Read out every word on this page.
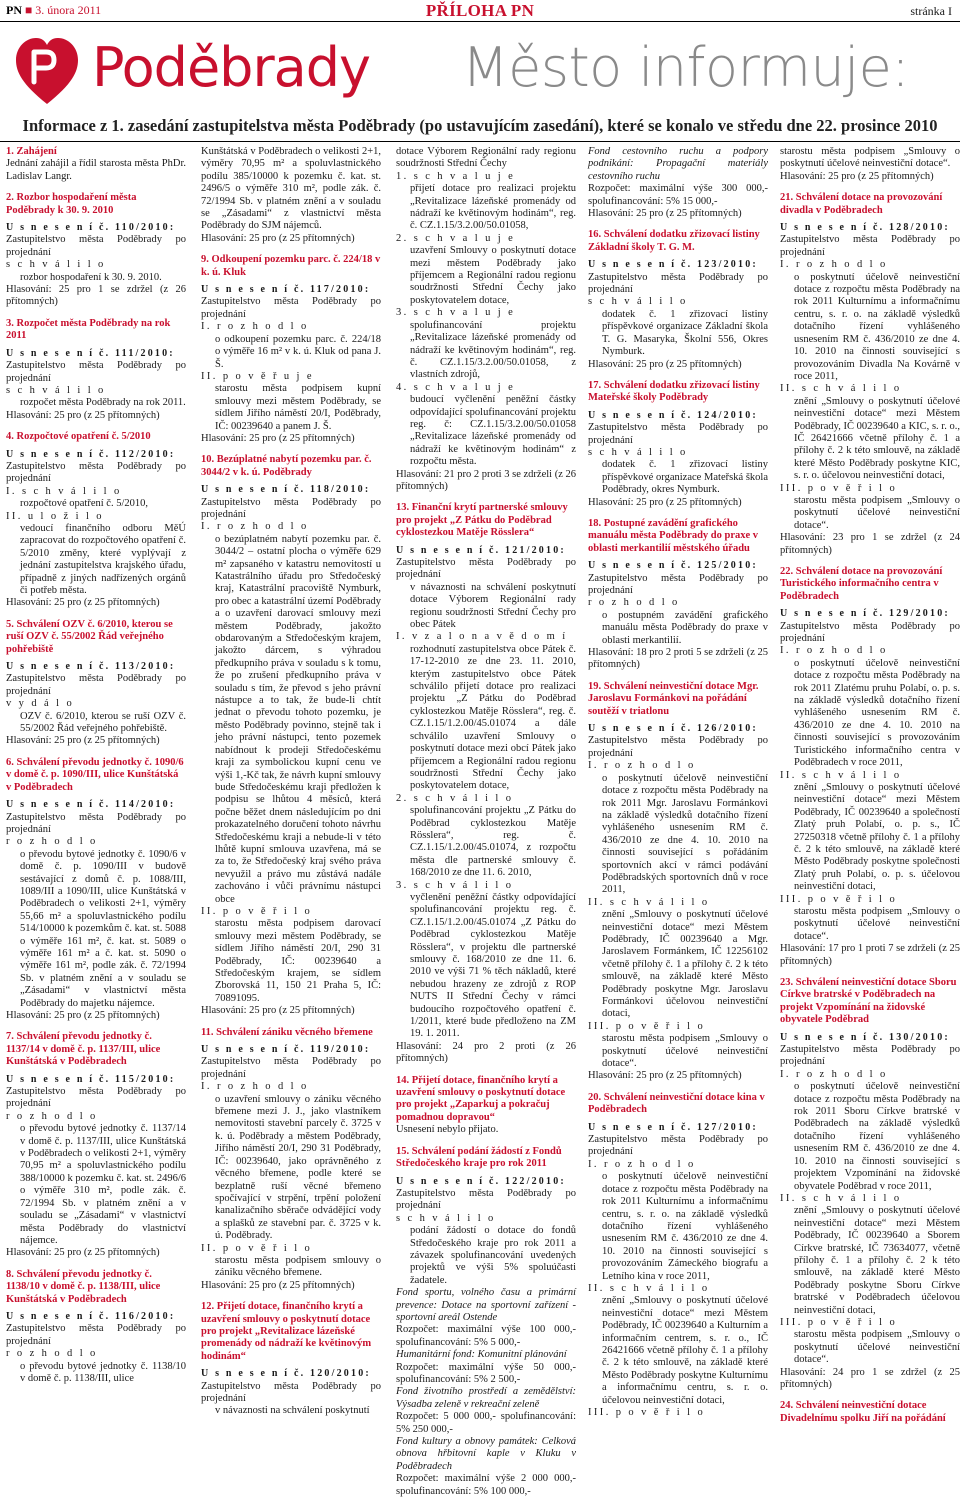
PN ■ 3. února 2011	PŘÍLOHA PN	stránka I
Poděbrady Město informuje:
Informace z 1. zasedání zastupitelstva města Poděbrady (po ustavujícím zasedání), které se konalo ve středu dne 22. prosince 2010
1. Zahájení
Jednání zahájil a řídil starosta města PhDr. Ladislav Langr.
2. Rozbor hospodaření města Poděbrady k 30. 9. 2010
U s n e s e n í č. 110/2010:
Zastupitelstvo města Poděbrady po projednání
s c h v á l i l o
rozbor hospodaření k 30. 9. 2010.
Hlasování: 25 pro 1 se zdržel (z 26 přítomných)
3. Rozpočet města Poděbrady na rok 2011
U s n e s e n í č. 111/2010:
Zastupitelstvo města Poděbrady po projednání
s c h v á l i l o
rozpočet města Poděbrady na rok 2011.
Hlasování: 25 pro (z 25 přítomných)
4. Rozpočtové opatření č. 5/2010
U s n e s e n í č. 112/2010:
Zastupitelstvo města Poděbrady po projednání
I. s c h v á l i l o
rozpočtové opatření č. 5/2010,
II. u l o ž i l o
vedoucí finančního odboru MěÚ zapracovat do rozpočtového opatření č. 5/2010 změny, které vyplývají z jednání zastupitelstva krajského úřadu, případně z jiných nadřízených orgánů či potřeb města.
Hlasování: 25 pro (z 25 přítomných)
5. Schválení OZV č. 6/2010, kterou se ruší OZV č. 55/2002 Řád veřejného pohřebiště
U s n e s e n í č. 113/2010:
Zastupitelstvo města Poděbrady po projednání
v y d á l o
OZV č. 6/2010, kterou se ruší OZV č. 55/2002 Řád veřejného pohřebiště.
Hlasování: 25 pro (z 25 přítomných)
6. Schválení převodu jednotky č. 1090/6 v domě č. p. 1090/III, ulice Kunštátská v Poděbradech
U s n e s e n í č. 114/2010:
Zastupitelstvo města Poděbrady po projednání
r o z h o d l o
o převodu bytové jednotky č. 1090/6 v domě č. p. 1090/III v budově sestávající z domů č. p. 1088/III, 1089/III a 1090/III, ulice Kunštátská v Poděbradech o velikosti 2+1, výměry 55,66 m² a spoluvlastnického podílu 514/10000 k pozemkům č. kat. st. 5088 o výměře 161 m², č. kat. st. 5089 o výměře 161 m² a č. kat. st. 5090 o výměře 161 m², podle zák. č. 72/1994 Sb. v platném znění a v souladu se „Zásadami“ v vlastnictví města Poděbrady do majetku nájemce.
Hlasování: 25 pro (z 25 přítomných)
7. Schválení převodu jednotky č. 1137/14 v domě č. p. 1137/III, ulice Kunštátská v Poděbradech
U s n e s e n í č. 115/2010:
Zastupitelstvo města Poděbrady po projednání
r o z h o d l o
o převodu bytové jednotky č. 1137/14 v domě č. p. 1137/III, ulice Kunštátská v Poděbradech o velikosti 2+1, výměry 70,95 m² a spoluvlastnického podílu 388/10000 k pozemku č. kat. st. 2496/6 o výměře 310 m², podle zák. č. 72/1994 Sb. v platném znění a v souladu se „Zásadami“ v vlastnictví města Poděbrady do vlastnictví nájemce.
Hlasování: 25 pro (z 25 přítomných)
8. Schválení převodu jednotky č. 1138/10 v domě č. p. 1138/III, ulice Kunštátská v Poděbradech
U s n e s e n í č. 116/2010:
Zastupitelstvo města Poděbrady po projednání
r o z h o d l o
o převodu bytové jednotky č. 1138/10 v domě č. p. 1138/III, ulice
Kunštátská v Poděbradech o velikosti 2+1, výměry 70,95 m² a spoluvlastnického podílu 385/10000 k pozemku č. kat. st. 2496/5 o výměře 310 m², podle zák. č. 72/1994 Sb. v platném znění a v souladu se „Zásadami“ z vlastnictví města Poděbrady do SJM nájemců.
Hlasování: 25 pro (z 25 přítomných)
9. Odkoupení pozemku parc. č. 224/18 v k. ú. Kluk
U s n e s e n í č. 117/2010:
Zastupitelstvo města Poděbrady po projednání
I. r o z h o d l o
o odkoupení pozemku parc. č. 224/18 o výměře 16 m² v k. ú. Kluk od pana J. Š.
II. p o v ě ř u j e
starostu města podpisem kupní smlouvy mezi městem Poděbrady, se sídlem Jiřího náměstí 20/I, Poděbrady, IČ: 00239640 a panem J. Š.
Hlasování: 25 pro (z 25 přítomných)
10. Bezúplatné nabytí pozemku par. č. 3044/2 v k. ú. Poděbrady
U s n e s e n í č. 118/2010:
Zastupitelstvo města Poděbrady po projednání
I. r o z h o d l o
o bezúplatném nabytí pozemku par. č. 3044/2 – ostatní plocha o výměře 629 m² zapsaného v katastru nemovitostí u Katastrálního úřadu pro Středočeský kraj, Katastrální pracoviště Nymburk, pro obec a katastrální území Poděbrady a o uzavření darovací smlouvy mezi městem Poděbrady, jakožto obdarovaným a Středočeským krajem, jakožto dárcem, s výhradou předkupního práva v souladu s k tomu, že po zrušení předkupního práva v souladu s tím, že převod s jeho právní nástupce a to tak, že bude-li chtít jednat o převodu tohoto pozemku, je město Poděbrady povinno, stejně tak i jeho právní nástupci, tento pozemek nabídnout k prodeji Středočeskému kraji za symbolickou kupní cenu ve výši 1,-Kč tak, že návrh kupní smlouvy bude Středočeskému kraji předložen k podpisu se lhůtou 4 měsíců, která počne běžet dnem následujícím po dni prokazatelného doručení tohoto návrhu Středočeskému kraji a nebude-li v této lhůtě kupní smlouva uzavřena, má se za to, že Středočeský kraj svého práva nevyužil a právo mu zůstává nadále zachováno i vůči právnímu nástupci obce
II. p o v ě ř i l o
starostu města podpisem darovací smlouvy mezi městem Poděbrady, se sídlem Jiřího náměstí 20/I, 290 31 Poděbrady, IČ: 00239640 a Středočeským krajem, se sídlem Zborovská 11, 150 21 Praha 5, IČ: 70891095.
Hlasování: 25 pro (z 25 přítomných)
11. Schválení zániku věcného břemene
U s n e s e n í č. 119/2010:
Zastupitelstvo města Poděbrady po projednání
I. r o z h o d l o
o uzavření smlouvy o zániku věcného břemene mezi J. J., jako vlastníkem nemovitosti stavební parcely č. 3725 v k. ú. Poděbrady a městem Poděbrady, Jiřího náměstí 20/I, 290 31 Poděbrady, IČ: 00239640, jako oprávněného z věcného břemene, podle které se bezplatně ruší věcné břemeno spočívající v strpění, trpění položení kanalizačního sběrače odvádějící vody a splašků ze stavební par. č. 3725 v k. ú. Poděbrady.
II. p o v ě ř i l o
starostu města podpisem smlouvy o zániku věcného břemene.
Hlasování: 25 pro (z 25 přítomných)
12. Přijetí dotace, finančního krytí a uzavření smlouvy o poskytnutí dotace pro projekt „Revitalizace lázeňské promenády od nádraží ke květinovým hodinám“
U s n e s e n í č. 120/2010:
Zastupitelstvo města Poděbrady po projednání
v návaznosti na schválení poskytnutí
dotace Výborem Regionální rady regionu soudržnosti Střední Čechy
1. s c h v a l u j e
přijetí dotace pro realizaci projektu „Revitalizace lázeňské promenády od nádraží ke květinovým hodinám“, reg. č. CZ.1.15/3.2.00/50.01058,
2. s c h v a l u j e
uzavření Smlouvy o poskytnutí dotace mezi městem Poděbrady jako příjemcem a Regionální radou regionu soudržnosti Střední Čechy jako poskytovatelem dotace,
3. s c h v a l u j e
spolufinancování projektu „Revitalizace lázeňské promenády od nádraží ke květinovým hodinám“, reg. č. CZ.1.15/3.2.00/50.01058, z vlastních zdrojů,
4. s c h v a l u j e
budoucí vyčlenění peněžní částky odpovídající spolufinancování projektu reg. č: CZ.1.15/3.2.00/50.01058 „Revitalizace lázeňské promenády od nádraží ke květinovým hodinám“ z rozpočtu města.
Hlasování: 21 pro 2 proti 3 se zdrželi (z 26 přítomných)
13. Finanční krytí partnerské smlouvy pro projekt „Z Pátku do Poděbrad cyklostezkou Matěje Rösslera“
U s n e s e n í č. 121/2010:
Zastupitelstvo města Poděbrady po projednání
v návaznosti na schválení poskytnutí dotace Výborem Regionální rady regionu soudržnosti Střední Čechy pro obec Pátek
I. v z a l o n a v ě d o m í
rozhodnutí zastupitelstva obce Pátek č. 17-12-2010 ze dne 23. 11. 2010, kterým zastupitelstvo obce Pátek schválilo přijetí dotace pro realizaci projektu „Z Pátku do Poděbrad cyklostezkou Matěje Rösslera“, reg. č. CZ.1.15/1.2.00/45.01074 a dále schválilo uzavření Smlouvy o poskytnutí dotace mezi obcí Pátek jako příjemcem a Regionální radou regionu soudržnosti Střední Čechy jako poskytovatelem dotace,
2. s c h v á l i l o
spolufinancování projektu „Z Pátku do Poděbrad cyklostezkou Matěje Rösslera“, reg. č. CZ.1.15/1.2.00/45.01074, z rozpočtu města dle partnerské smlouvy č. 168/2010 ze dne 11. 6. 2010,
3. s c h v á l i l o
vyčlenění peněžní částky odpovídající spolufinancování projektu reg. č. CZ.1.15/1.2.00/45.01074 „Z Pátku do Poděbrad cyklostezkou Matěje Rösslera“, v projektu dle partnerské smlouvy č. 168/2010 ze dne 11. 6. 2010 ve výši 71 % těch nákladů, které nebudou hrazeny ze zdrojů z ROP NUTS II Střední Čechy v rámci budoucího rozpočtového opatření č. 1/2011, které bude předloženo na ZM 19. 1. 2011.
Hlasování: 24 pro 2 proti (z 26 přítomných)
14. Přijetí dotace, finančního krytí a uzavření smlouvy o poskytnutí dotace pro projekt „Zaparkuj a pokračuj pomadnou dopravou“
Usnesení nebylo přijato.
15. Schválení podání žádostí z Fondů Středočeského kraje pro rok 2011
U s n e s e n í č. 122/2010:
Zastupitelstvo města Poděbrady po projednání
s c h v á l i l o
podání žádostí o dotace do fondů Středočeského kraje pro rok 2011 a závazek spolufinancování uvedených projektů ve výši 5% spoluúčasti žadatele.
Fond sportu, volného času a primární prevence: Dotace na sportovní zařízení - sportovní areál Ostende
Rozpočet: maximální výše 100 000,- spolufinancování: 5% 5 000,-
Humanitární fond: Komunitní plánování
Rozpočet: maximální výše 50 000,- spolufinancování: 5% 2 500,-
Fond životního prostředí a zemědělství: Výsadba zeleně v rekreační zeleně
Rozpočet: 5 000 000,- spolufinancování: 5% 250 000,-
Fond kultury a obnovy památek: Celková obnova hřbitovní kaple v Kluku v Poděbradech
Rozpočet: maximální výše 2 000 000,- spolufinancování: 5% 100 000,-
Fond cestovního ruchu a podpory podnikání: Propagační materiály cestovního ruchu
Rozpočet: maximální výše 300 000,- spolufinancování: 5% 15 000,-
Hlasování: 25 pro (z 25 přítomných)
16. Schválení dodatku zřizovací listiny Základní školy T. G. M.
U s n e s e n í č. 123/2010:
Zastupitelstvo města Poděbrady po projednání
s c h v á l i l o
dodatek č. 1 zřizovací listiny příspěvkové organizace Základní škola T. G. Masaryka, Školní 556, Okres Nymburk.
Hlasování: 25 pro (z 25 přítomných)
17. Schválení dodatku zřizovací listiny Mateřské školy Poděbrady
U s n e s e n í č. 124/2010:
Zastupitelstvo města Poděbrady po projednání
s c h v á l i l o
dodatek č. 1 zřizovací listiny příspěvkové organizace Mateřská škola Poděbrady, okres Nymburk.
Hlasování: 25 pro (z 25 přítomných)
18. Postupné zavádění grafického manuálu města Poděbrady do praxe v oblasti merkantilií městského úřadu
U s n e s e n í č. 125/2010:
Zastupitelstvo města Poděbrady po projednání
r o z h o d l o
o postupném zavádění grafického manuálu města Poděbrady do praxe v oblasti merkantilií.
Hlasování: 18 pro 2 proti 5 se zdrželi (z 25 přítomných)
19. Schválení neinvestiční dotace Mgr. Jaroslavu Formánkovi na pořádání soutěží v triatlonu
U s n e s e n í č. 126/2010:
Zastupitelstvo města Poděbrady po projednání
I. r o z h o d l o
o poskytnutí účelově neinvestiční dotace z rozpočtu města Poděbrady na rok 2011 Mgr. Jaroslavu Formánkovi na základě výsledků dotačního řízení vyhlášeného usnesením RM č. 436/2010 ze dne 4. 10. 2010 na činnosti související s pořádáním sportovních akcí v rámci podávání Poděbradských sportovních dnů v roce 2011,
II. s c h v á l i l o
znění „Smlouvy o poskytnutí účelové neinvestiční dotace“ mezi Městem Poděbrady, IČ 00239640 a Mgr. Jaroslavem Formánkem, IČ 12256102 včetně přílohy č. 1 a přílohy č. 2 k této smlouvě, na základě které Město Poděbrady poskytne Mgr. Jaroslavu Formánkovi účelovou neinvestiční dotaci,
III. p o v ě ř i l o
starostu města podpisem „Smlouvy o poskytnutí účelové neinvestiční dotace“.
Hlasování: 25 pro (z 25 přítomných)
20. Schválení neinvestiční dotace kina v Poděbradech
U s n e s e n í č. 127/2010:
Zastupitelstvo města Poděbrady po projednání
I. r o z h o d l o
o poskytnutí účelově neinvestiční dotace z rozpočtu města Poděbrady na rok 2011 Kulturnímu a informačnímu centru, s. r. o. na základě výsledků dotačního řízení vyhlášeného usnesením RM č. 436/2010 ze dne 4. 10. 2010 na činnosti související s provozováním Zámeckého biografu a Letního kina v roce 2011,
II. s c h v á l i l o
znění „Smlouvy o poskytnutí účelové neinvestiční dotace“ mezi Městem Poděbrady, IČ 00239640 a Kulturním a informačním centrem, s. r. o., IČ 26421666 včetně přílohy č. 1 a přílohy č. 2 k této smlouvě, na základě které Město Poděbrady poskytne Kulturnímu a informačnímu centru, s. r. o. účelovou neinvestiční dotaci,
III. p o v ě ř i l o
starostu města podpisem „Smlouvy o poskytnutí účelové neinvestiční dotace“.
Hlasování: 25 pro (z 25 přítomných)
21. Schválení dotace na provozování divadla v Poděbradech
U s n e s e n í č. 128/2010:
Zastupitelstvo města Poděbrady po projednání
I. r o z h o d l o
o poskytnutí účelově neinvestiční dotace z rozpočtu města Poděbrady na rok 2011 Kulturnímu a informačnímu centru, s. r. o. na základě výsledků dotačního řízení vyhlášeného usnesením RM č. 436/2010 ze dne 4. 10. 2010 na činnosti související s provozováním Divadla Na Kovárně v roce 2011,
II. s c h v á l i l o
znění „Smlouvy o poskytnutí účelové neinvestiční dotace“ mezi Městem Poděbrady, IČ 00239640 a KIC, s. r. o., IČ 26421666 včetně přílohy č. 1 a přílohy č. 2 k této smlouvě, na základě které Město Poděbrady poskytne KIC, s. r. o. účelovou neinvestiční dotaci,
III. p o v ě ř i l o
starostu města podpisem „Smlouvy o poskytnutí účelové neinvestiční dotace“.
Hlasování: 23 pro 1 se zdržel (z 24 přítomných)
22. Schválení dotace na provozování Turistického informačního centra v Poděbradech
U s n e s e n í č. 129/2010:
Zastupitelstvo města Poděbrady po projednání
I. r o z h o d l o
o poskytnutí účelově neinvestiční dotace z rozpočtu města Poděbrady na rok 2011 Zlatému pruhu Polabí, o. p. s. na základě výsledků dotačního řízení vyhlášeného usnesením RM č. 436/2010 ze dne 4. 10. 2010 na činnosti související s provozováním Turistického informačního centra v Poděbradech v roce 2011,
II. s c h v á l i l o
znění „Smlouvy o poskytnutí účelové neinvestiční dotace“ mezi Městem Poděbrady, IČ 00239640 a společností Zlatý pruh Polabí, o. p. s., IČ 27250318 včetně přílohy č. 1 a přílohy č. 2 k této smlouvě, na základě které Město Poděbrady poskytne společnosti Zlatý pruh Polabí, o. p. s. účelovou neinvestiční dotaci,
III. p o v ě ř i l o
starostu města podpisem „Smlouvy o poskytnutí účelové neinvestiční dotace“.
Hlasování: 17 pro 1 proti 7 se zdrželi (z 25 přítomných)
23. Schválení neinvestiční dotace Sboru Církve bratrské v Poděbradech na projekt Vzpomínání na židovské obyvatele Poděbrad
U s n e s e n í č. 130/2010:
Zastupitelstvo města Poděbrady po projednání
I. r o z h o d l o
o poskytnutí účelově neinvestiční dotace z rozpočtu města Poděbrady na rok 2011 Sboru Církve bratrské v Poděbradech na základě výsledků dotačního řízení vyhlášeného usnesením RM č. 436/2010 ze dne 4. 10. 2010 na činnosti související s projektem Vzpomínání na židovské obyvatele Poděbrad v roce 2011,
II. s c h v á l i l o
znění „Smlouvy o poskytnutí účelové neinvestiční dotace“ mezi Městem Poděbrady, IČ 00239640 a Sborem Církve bratrské, IČ 73634077, včetně přílohy č. 1 a přílohy č. 2 k této smlouvě, na základě které Město Poděbrady poskytne Sboru Církve bratrské v Poděbradech účelovou neinvestiční dotaci,
III. p o v ě ř i l o
starostu města podpisem „Smlouvy o poskytnutí účelové neinvestiční dotace“.
Hlasování: 24 pro 1 se zdržel (z 25 přítomných)
24. Schválení neinvestiční dotace Divadelnímu spolku Jiří na pořádání
